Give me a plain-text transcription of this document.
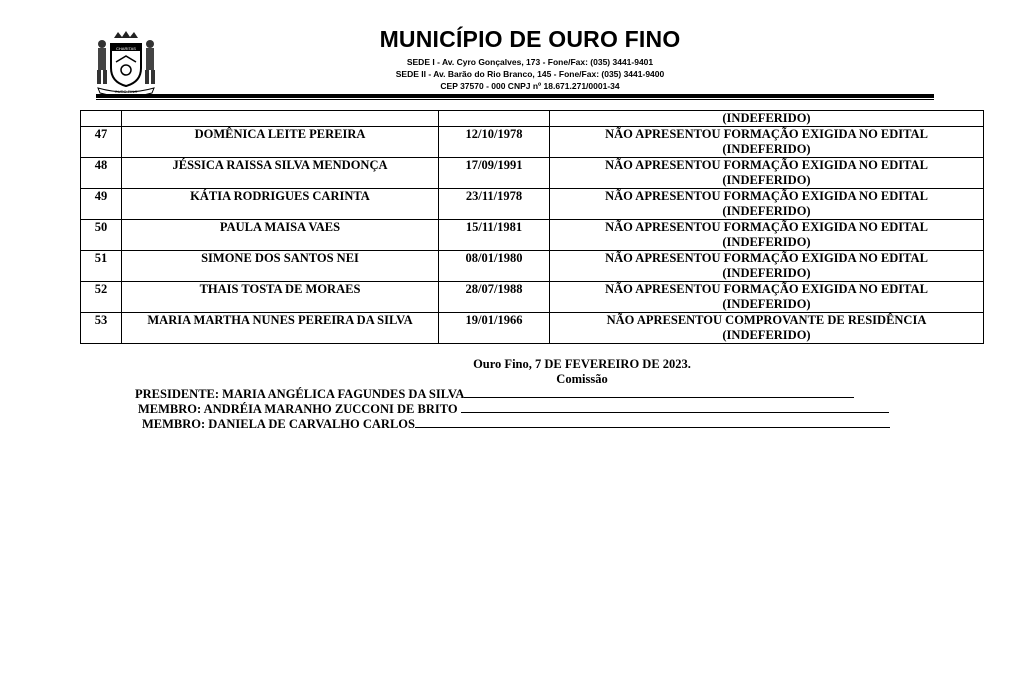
CHARITAS
OURO FINO
MUNICÍPIO DE OURO FINO
SEDE I - Av. Cyro Gonçalves, 173 - Fone/Fax: (035) 3441-9401
SEDE II - Av. Barão do Rio Branco, 145 - Fone/Fax: (035) 3441-9400
CEP 37570 - 000 CNPJ nº 18.671.271/0001-34
			(INDEFERIDO)
47	DOMÊNICA LEITE PEREIRA	12/10/1978	NÃO APRESENTOU FORMAÇÃO EXIGIDA NO EDITAL
(INDEFERIDO)

48	JÉSSICA RAISSA SILVA MENDONÇA	17/09/1991	NÃO APRESENTOU FORMAÇÃO EXIGIDA NO EDITAL
(INDEFERIDO)

49	KÁTIA RODRIGUES CARINTA	23/11/1978	NÃO APRESENTOU FORMAÇÃO EXIGIDA NO EDITAL
(INDEFERIDO)

50	PAULA MAISA VAES	15/11/1981	NÃO APRESENTOU FORMAÇÃO EXIGIDA NO EDITAL
(INDEFERIDO)

51	SIMONE DOS SANTOS NEI	08/01/1980	NÃO APRESENTOU FORMAÇÃO EXIGIDA NO EDITAL
(INDEFERIDO)

52	THAIS TOSTA DE MORAES	28/07/1988	NÃO APRESENTOU FORMAÇÃO EXIGIDA NO EDITAL
(INDEFERIDO)

53	MARIA MARTHA NUNES PEREIRA DA SILVA	19/01/1966	NÃO APRESENTOU COMPROVANTE DE RESIDÊNCIA
(INDEFERIDO)
Ouro Fino, 7 DE FEVEREIRO DE 2023.
Comissão
PRESIDENTE: MARIA ANGÉLICA FAGUNDES DA SILVA
MEMBRO: ANDRÉIA MARANHO ZUCCONI DE BRITO
MEMBRO: DANIELA DE CARVALHO CARLOS
